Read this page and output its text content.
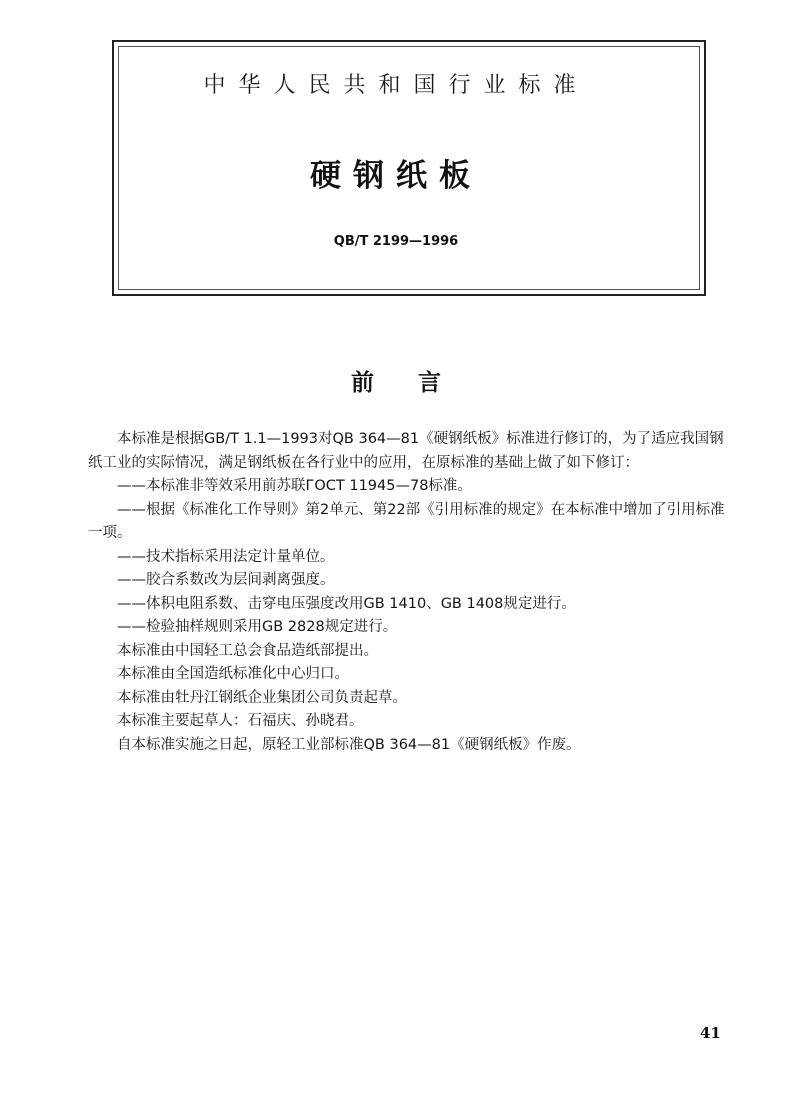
中华人民共和国行业标准
硬钢纸板
QB/T 2199—1996
前言

本标准是根据GB/T 1.1—1993对QB 364—81《硬钢纸板》标准进行修订的，为了适应我国钢纸工业的实际情况，满足钢纸板在各行业中的应用，在原标准的基础上做了如下修订：

——本标准非等效采用前苏联ГОСТ 11945—78标准。

——根据《标准化工作导则》第2单元、第22部《引用标准的规定》在本标准中增加了引用标准一项。

——技术指标采用法定计量单位。

——胶合系数改为层间剥离强度。

——体积电阻系数、击穿电压强度改用GB 1410、GB 1408规定进行。

——检验抽样规则采用GB 2828规定进行。

本标准由中国轻工总会食品造纸部提出。

本标准由全国造纸标准化中心归口。

本标准由牡丹江钢纸企业集团公司负责起草。

本标准主要起草人：石福庆、孙晓君。

自本标准实施之日起，原轻工业部标准QB 364—81《硬钢纸板》作废。

41
